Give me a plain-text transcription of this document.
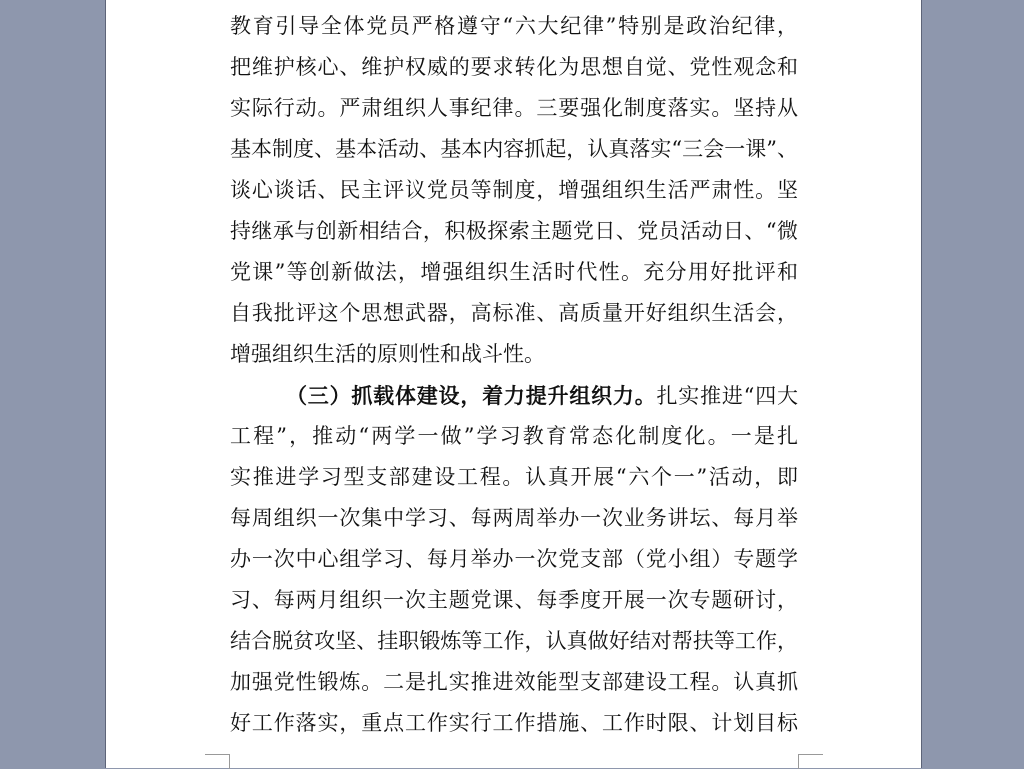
教育引导全体党员严格遵守“六大纪律”特别是政治纪律，
把维护核心、维护权威的要求转化为思想自觉、党性观念和
实际行动。严肃组织人事纪律。三要强化制度落实。坚持从
基本制度、基本活动、基本内容抓起，认真落实“三会一课”、
谈心谈话、民主评议党员等制度，增强组织生活严肃性。坚
持继承与创新相结合，积极探索主题党日、党员活动日、“微
党课”等创新做法，增强组织生活时代性。充分用好批评和
自我批评这个思想武器，高标准、高质量开好组织生活会，
增强组织生活的原则性和战斗性。
（三）抓载体建设，着力提升组织力。扎实推进“四大
工程”，推动“两学一做”学习教育常态化制度化。一是扎
实推进学习型支部建设工程。认真开展“六个一”活动，即
每周组织一次集中学习、每两周举办一次业务讲坛、每月举
办一次中心组学习、每月举办一次党支部（党小组）专题学
习、每两月组织一次主题党课、每季度开展一次专题研讨，
结合脱贫攻坚、挂职锻炼等工作，认真做好结对帮扶等工作，
加强党性锻炼。二是扎实推进效能型支部建设工程。认真抓
好工作落实，重点工作实行工作措施、工作时限、计划目标
